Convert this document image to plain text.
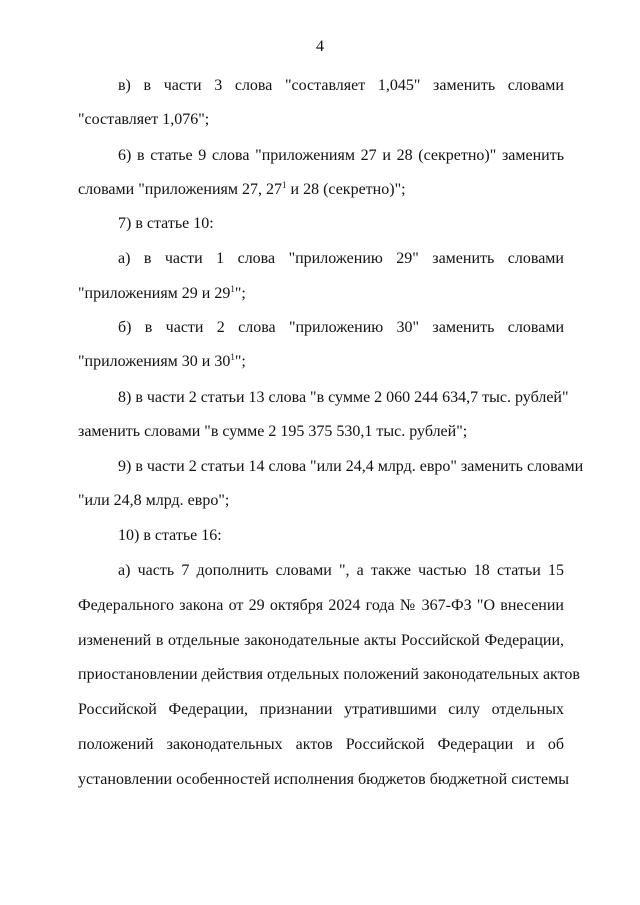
4
в) в части 3 слова "составляет 1,045" заменить словами
"составляет 1,076";
6) в статье 9 слова "приложениям 27 и 28 (секретно)" заменить
словами "приложениям 27, $27^1$ и 28 (секретно)";
7) в статье 10:
а) в части 1 слова "приложению 29" заменить словами
"приложениям 29 и $29^1$";
б) в части 2 слова "приложению 30" заменить словами
"приложениям 30 и $30^1$";
8) в части 2 статьи 13 слова "в сумме 2 060 244 634,7 тыс. рублей"
заменить словами "в сумме 2 195 375 530,1 тыс. рублей";
9) в части 2 статьи 14 слова "или 24,4 млрд. евро" заменить словами
"или 24,8 млрд. евро";
10) в статье 16:
а) часть 7 дополнить словами ", а также частью 18 статьи 15
Федерального закона от 29 октября 2024 года № 367-ФЗ "О внесении
изменений в отдельные законодательные акты Российской Федерации,
приостановлении действия отдельных положений законодательных актов
Российской Федерации, признании утратившими силу отдельных
положений законодательных актов Российской Федерации и об
установлении особенностей исполнения бюджетов бюджетной системы
